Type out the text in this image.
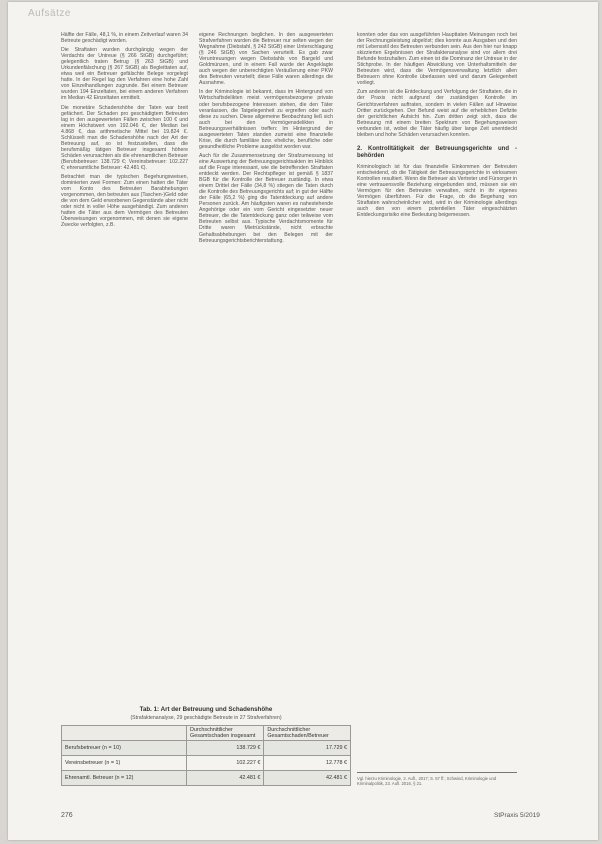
Aufsätze

Hälfte der Fälle, 48,1 %, in einem Zeitverlauf waren 34 Betreute geschädigt worden.

Die Straftaten wurden durchgängig wegen der Verdachts der Untreue (§ 266 StGB) durchgeführt; gelegentlich traten Betrug (§ 263 StGB) und Urkundenfälschung (§ 267 StGB) als Begleittaten auf, etwa weil ein Betreuer gefälschte Belege vorgelegt hatte. In der Regel lag den Verfahren eine hohe Zahl von Einzelhandlungen zugrunde. Bei einem Betreuer wurden 194 Einzeltaten, bei einem anderen Verfahren im Median 42 Einzeltaten ermittelt.

Die monetäre Schadenshöhe der Taten war breit gefächert. Der Schaden pro geschädigtem Betreuten lag in den ausgewerteten Fällen zwischen 100 € und einem Höchstwert von 192.046 €, der Median bei 4.868 €, das arithmetische Mittel bei 19.824 €. Schlüsselt man die Schadenshöhe nach der Art der Betreuung auf, so ist festzustellen, dass die berufsmäßig tätigen Betreuer insgesamt höhere Schäden verursachten als die ehrenamtlichen Betreuer (Berufsbetreuer: 138.729 €; Vereinsbetreuer: 102.227 €; ehrenamtliche Betreuer: 42.481 €).

Betrachtet man die typischen Begehungsweisen, dominierten zwei Formen: Zum einen hatten die Täter vom Konto des Betreuten Barabhebungen vorgenommen, den betreuten aus (Taschen-)Geld oder die von dem Geld erworbenen Gegenstände aber nicht oder nicht in voller Höhe ausgehändigt. Zum anderen hatten die Täter aus dem Vermögen des Betreuten Überweisungen vorgenommen, mit denen sie eigene Zwecke verfolgten, z.B.

eigene Rechnungen beglichen. In den ausgewerteten Strafverfahren wurden die Betreuer nur selten wegen der Wegnahme (Diebstahl, § 242 StGB) einer Unterschlagung (§ 246 StGB) von Sachen verurteilt. Es gab zwar Veruntreuungen wegen Diebstahls von Bargeld und Goldmünzen, und in einem Fall wurde der Angeklagte auch wegen der unberechtigten Veräußerung einer PKW des Betreuten verurteilt; diese Fälle waren allerdings die Ausnahme.

In der Kriminologie ist bekannt, dass im Hintergrund von Wirtschaftsdelikten meist vermögensbezogene private oder berufsbezogene Interessen stehen, die den Täter veranlassen, die Tatgelegenheit zu ergreifen oder auch diese zu suchen. Diese allgemeine Beobachtung ließ sich auch bei den Vermögensdelikten in Betreuungsverhältnissen treffen: Im Hintergrund der ausgewerteten Taten standen zumeist eine finanzielle Krise, die durch familiäre bzw. eheliche, berufliche oder gesundheitliche Probleme ausgelöst worden war.

Auch für die Zusammensetzung der Strafzumessung ist eine Auswertung der Betreuungsgerichtsakten im Hinblick auf die Frage interessant, wie die betreffenden Straftaten entdeckt werden. Der Rechtspfleger ist gemäß § 1837 BGB für die Kontrolle der Betreuer zuständig. In etwa einem Drittel der Fälle (34,8 %) stiegen die Taten durch die Kontrolle des Betreuungsgerichts auf; in gut der Hälfte der Fälle (65,2 %) ging die Tatentdeckung auf andere Personen zurück. Am häufigsten waren es nahestehende Angehörige oder ein vom Gericht eingesetzter neuer Betreuer, die die Tatentdeckung ganz oder teilweise vom Betreuten selbst aus. Typische Verdachtsmomente für Dritte waren Mietrückstände, nicht erbrachte Gehaltsabhebungen bei den Belegen mit der Betreuungsgerichtsberichterstattung.

konnten oder das von ausgeführten Haupttaten Meinungen noch bei der Rechnungsleistung abgelöst; dies konnte aus Ausgaben und den mit Lebensstil des Betreuten verbunden sein. Aus den hier nur knapp skizzierten Ergebnissen der Strafaktenanalyse sind vor allem drei Befunde festzuhalten. Zum einen ist die Dominanz der Untreue in der Stichprobe. In der häufigen Abwicklung von Unterhaltsmitteln der Betreuten wird, dass die Vermögensverwaltung letztlich allen Betreuern ohne Kontrolle überlassen wird und darum Gelegenheit vorliegt.

Zum anderen ist die Entdeckung und Verfolgung der Straftaten, die in der Praxis nicht aufgrund der zuständigen Kontrolle im Gerichtsverfahren auftraten, sondern in vielen Fällen auf Hinweise Dritter zurückgehen. Der Befund weist auf die erheblichen Defizite der gerichtlichen Aufsicht hin. Zum dritten zeigt sich, dass die Betreuung mit einem breiten Spektrum von Begehungsweisen verbunden ist, wobei die Täter häufig über lange Zeit unentdeckt bleiben und hohe Schäden verursachen konnten.

2. Kontrolltätigkeit der Betreuungsgerichte und -behörden

Kriminologisch ist für das finanzielle Einkommen der Betreuten entscheidend, ob die Tätigkeit der Betreuungsgerichte in wirksamen Kontrollen resultiert. Wenn die Betreuer als Vertreter und Fürsorger in eine vertrauensvolle Beziehung eingebunden sind, müssen sie ein Vermögen für den Betreuten verwalten, nicht in ihr eigenes Vermögen überführen. Für die Frage, ob die Begehung von Straftaten wahrscheinlicher wird, wird in der Kriminologie allerdings auch den von einem potentiellen Täter eingeschätzten Entdeckungsrisiko eine Bedeutung beigemessen.

Vgl. hierzu Kriminologie, 2. Aufl., 2017; S. 57 ff.; Schwind, Kriminologie und Kriminalpolitik, 23. Aufl. 2016, § 21.
Tab. 1: Art der Betreuung und Schadenshöhe
(Strafaktenanalyse, 29 geschädigte Betreute in 27 Strafverfahren)
	Durchschnittlicher Gesamtschaden insgesamt	Durchschnittlicher Gesamtschaden/Betreuer
Berufsbetreuer (n = 10)	138.729 €	17.729 €
Vereinsbetreuer (n = 1)	102.227 €	12.778 €
Ehrenamtl. Betreuer (n = 12)	42.481 €	42.481 €
276	StPraxis 5/2019
